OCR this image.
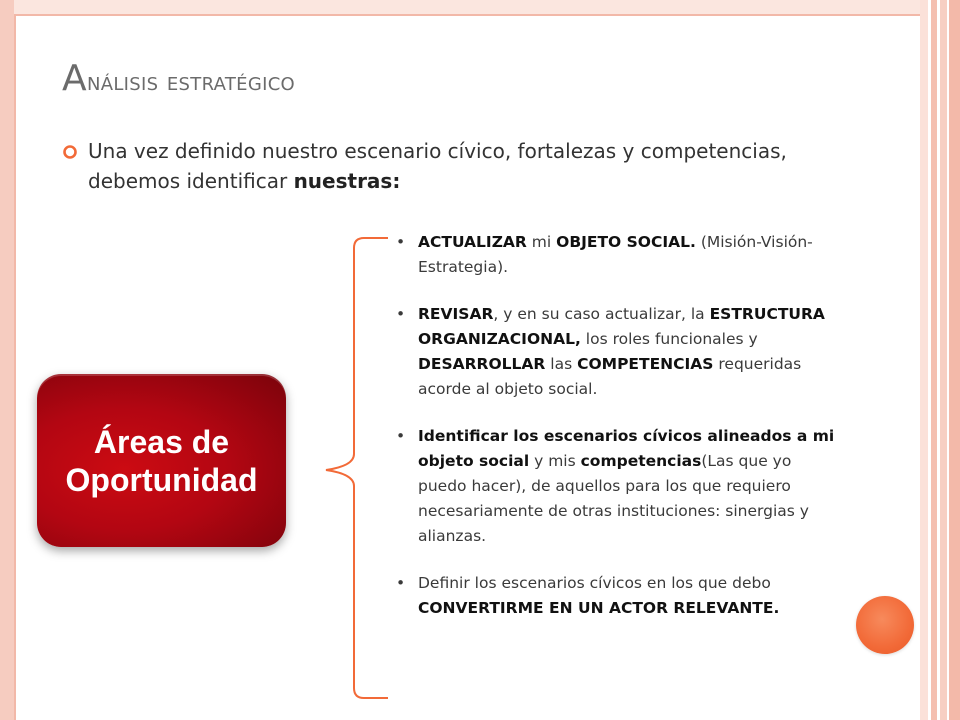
Análisis estratégico

Una vez definido nuestro escenario cívico, fortalezas y competencias, debemos identificar nuestras:

Áreas de
Oportunidad
• ACTUALIZAR mi OBJETO SOCIAL. (Misión-Visión-Estrategia).
• REVISAR, y en su caso actualizar, la ESTRUCTURA ORGANIZACIONAL, los roles funcionales y DESARROLLAR las COMPETENCIAS requeridas acorde al objeto social.
• Identificar los escenarios cívicos alineados a mi objeto social y mis competencias(Las que yo puedo hacer), de aquellos para los que requiero necesariamente de otras instituciones: sinergias y alianzas.
• Definir los escenarios cívicos en los que debo CONVERTIRME EN UN ACTOR RELEVANTE.
